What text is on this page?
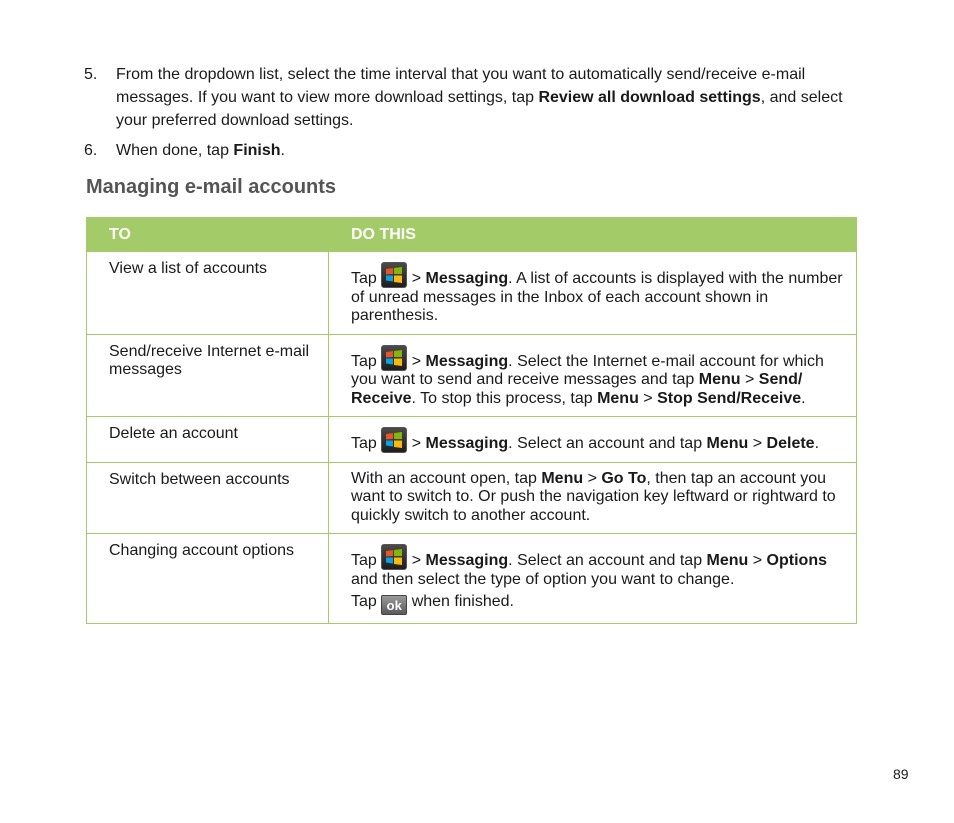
5.	From the dropdown list, select the time interval that you want to automatically send/receive e-mail messages. If you want to view more download settings, tap Review all download settings, and select your preferred download settings.
6.	When done, tap Finish.
Managing e-mail accounts
TO	DO THIS
View a list of accounts	Tap
> Messaging. A list of accounts is displayed with the number of unread messages in the Inbox of each account shown in parenthesis.
Send/receive Internet e-mail messages	Tap
> Messaging. Select the Internet e-mail account for which you want to send and receive messages and tap Menu > Send/ Receive. To stop this process, tap Menu > Stop Send/Receive.
Delete an account	Tap
> Messaging. Select an account and tap Menu > Delete.
Switch between accounts	With an account open, tap Menu > Go To, then tap an account you want to switch to. Or push the navigation key leftward or rightward to quickly switch to another account.
Changing account options	Tap
> Messaging. Select an account and tap Menu > Options and then select the type of option you want to change.
Tap ok when finished.
89
